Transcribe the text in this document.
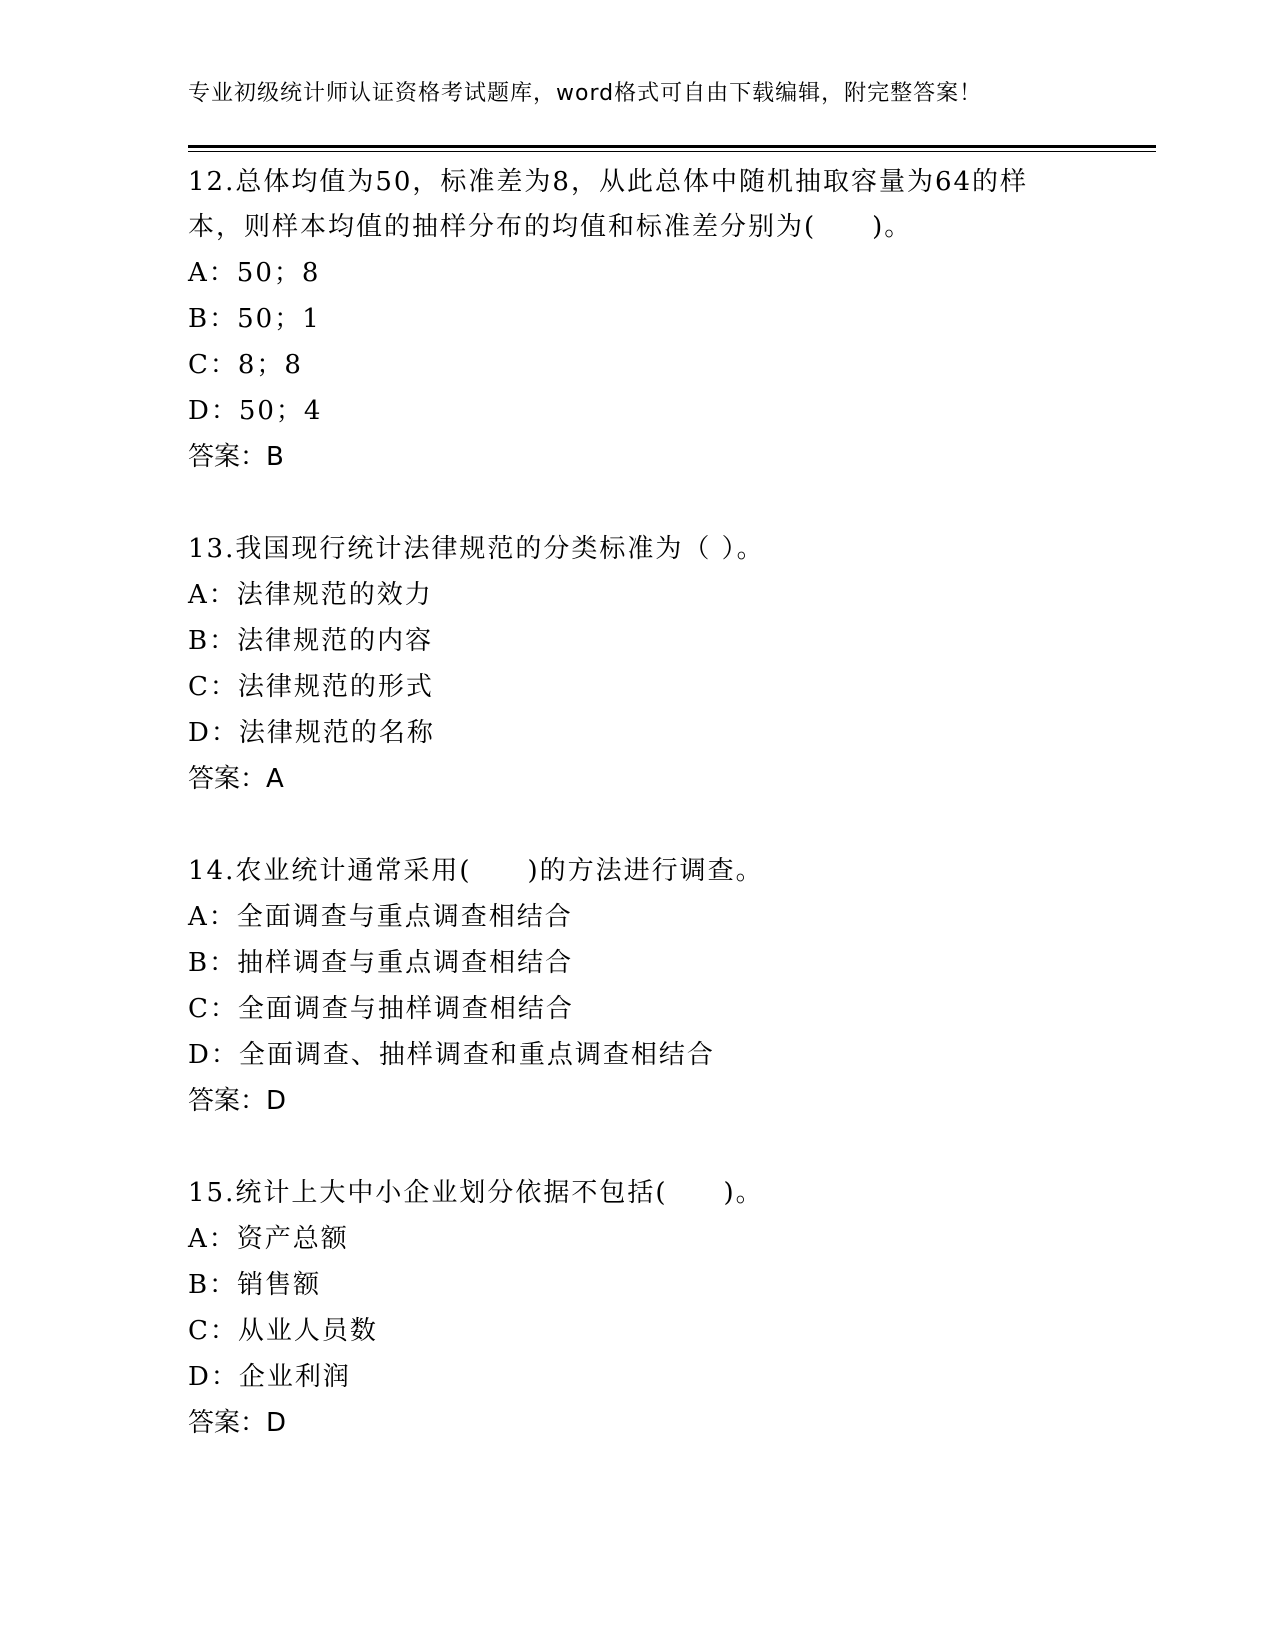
专业初级统计师认证资格考试题库，word格式可自由下载编辑，附完整答案！

12.总体均值为50，标准差为8，从此总体中随机抽取容量为64的样
本，则样本均值的抽样分布的均值和标准差分别为(　　)。

A：50；8
B：50；1
C：8；8
D：50；4
答案：B

13.我国现行统计法律规范的分类标准为（ ）。

A：法律规范的效力
B：法律规范的内容
C：法律规范的形式
D：法律规范的名称
答案：A

14.农业统计通常采用(　　)的方法进行调查。

A：全面调查与重点调查相结合
B：抽样调查与重点调查相结合
C：全面调查与抽样调查相结合
D：全面调查、抽样调查和重点调查相结合
答案：D

15.统计上大中小企业划分依据不包括(　　)。

A：资产总额
B：销售额
C：从业人员数
D：企业利润
答案：D
